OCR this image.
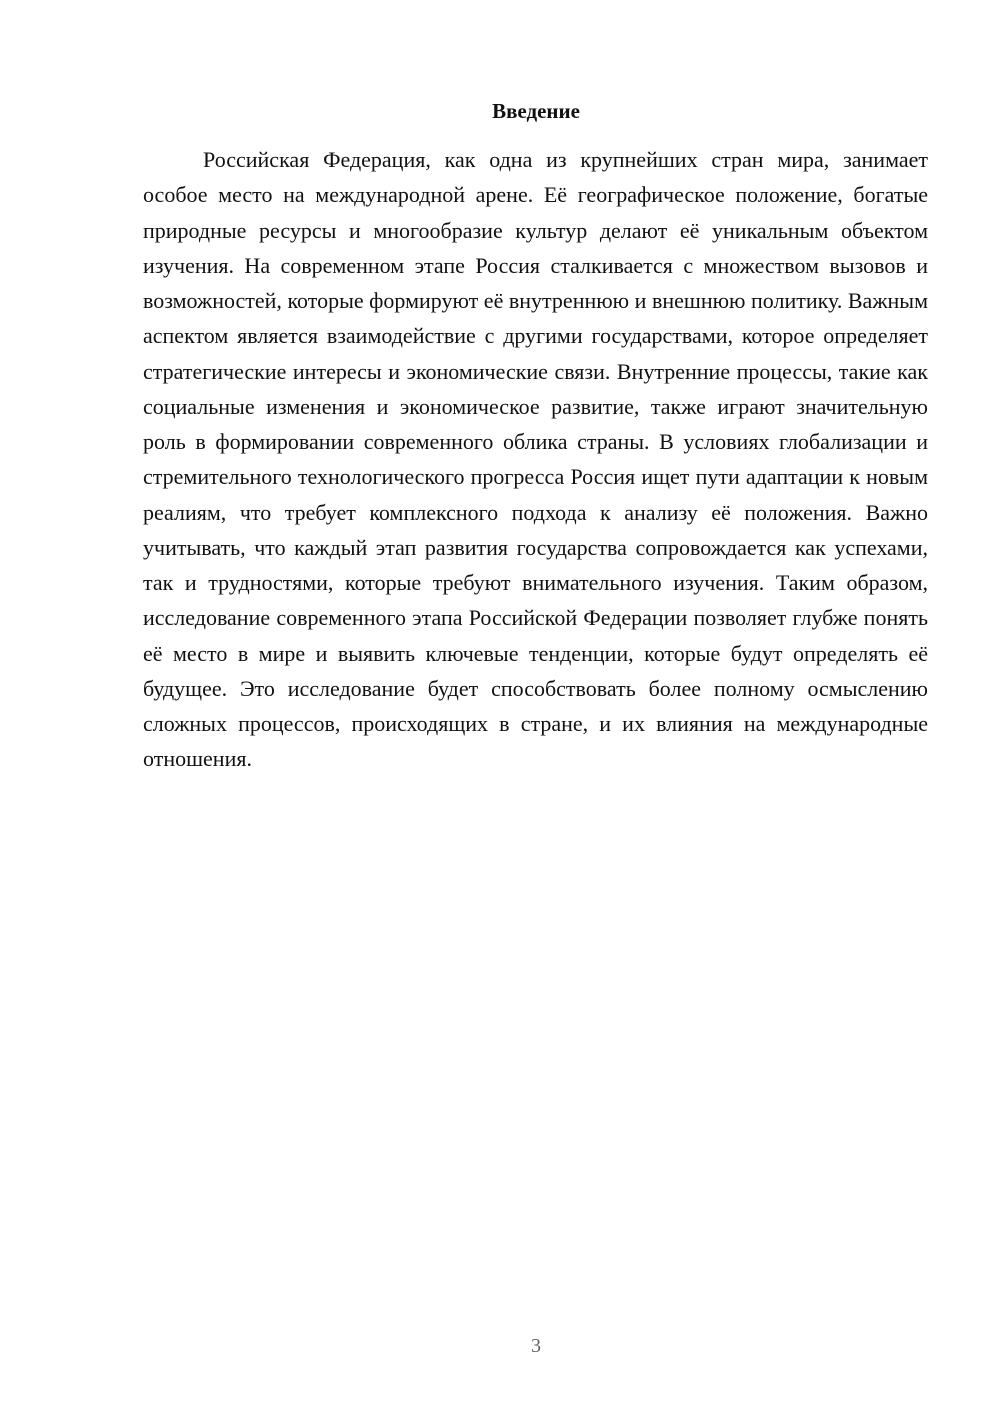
Введение

Российская Федерация, как одна из крупнейших стран мира, занимает особое место на международной арене. Её географическое положение, богатые природные ресурсы и многообразие культур делают её уникальным объектом изучения. На современном этапе Россия сталкивается с множеством вызовов и возможностей, которые формируют её внутреннюю и внешнюю политику. Важным аспектом является взаимодействие с другими государствами, которое определяет стратегические интересы и экономические связи. Внутренние процессы, такие как социальные изменения и экономическое развитие, также играют значительную роль в формировании современного облика страны. В условиях глобализации и стремительного технологического прогресса Россия ищет пути адаптации к новым реалиям, что требует комплексного подхода к анализу её положения. Важно учитывать, что каждый этап развития государства сопровождается как успехами, так и трудностями, которые требуют внимательного изучения. Таким образом, исследование современного этапа Российской Федерации позволяет глубже понять её место в мире и выявить ключевые тенденции, которые будут определять её будущее. Это исследование будет способствовать более полному осмыслению сложных процессов, происходящих в стране, и их влияния на международные отношения.

3
